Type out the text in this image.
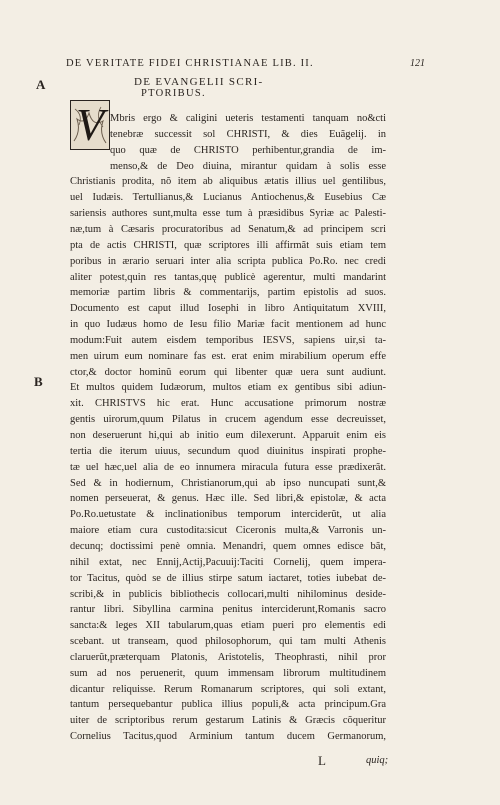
DE VERITATE FIDEI CHRISTIANAE LIB. II.	121
A
B
DE EVANGELII SCRI-
PTORIBUS.
V Mbris ergo & caligini ueteris testamenti tanquam no&cti
tenebræ successit sol CHRISTI, & dies Euãgelij. in
quo quæ de CHRISTO perhibentur,grandia de im-
menso,& de Deo diuina, mirantur quidam à solis esse
Christianis prodita, nõ item ab aliquibus ætatis illius uel gentilibus,
uel Iudæis. Tertullianus,& Lucianus Antiochenus,& Eusebius Cæ
sariensis authores sunt,multa esse tum à præsidibus Syriæ ac Palesti-
næ,tum à Cæsaris procuratoribus ad Senatum,& ad principem scri
pta de actis CHRISTI, quæ scriptores illi affirmãt suis etiam tem
poribus in ærario seruari inter alia scripta publica Po.Ro. nec credi
aliter potest,quin res tantas,quę publicè agerentur, multi mandarint
memoriæ partim libris & commentarijs, partim epistolis ad suos.
Documento est caput illud Iosephi in libro Antiquitatum XVIII,
in quo Iudæus homo de Iesu filio Mariæ facit mentionem ad hunc
modum:Fuit autem eisdem temporibus IESVS, sapiens uir,si ta-
men uirum eum nominare fas est. erat enim mirabilium operum effe
ctor,& doctor hominũ eorum qui libenter quæ uera sunt audiunt.
Et multos quidem Iudæorum, multos etiam ex gentibus sibi adiun-
xit. CHRISTVS hic erat. Hunc accusatione primorum nostræ
gentis uirorum,quum Pilatus in crucem agendum esse decreuisset,
non deseruerunt hi,qui ab initio eum dilexerunt. Apparuit enim eis
tertia die iterum uiuus, secundum quod diuinitus inspirati prophe-
tæ uel hæc,uel alia de eo innumera miracula futura esse prædixerãt.
Sed & in hodiernum, Christianorum,qui ab ipso nuncupati sunt,&
nomen perseuerat, & genus. Hæc ille. Sed libri,& epistolæ, & acta
Po.Ro.uetustate & inclinationibus temporum interciderũt, ut alia
maiore etiam cura custodita:sicut Ciceronis multa,& Varronis un-
decunq; doctissimi penè omnia. Menandri, quem omnes edisce bãt,
nihil extat, nec Ennij,Actij,Pacuuij:Taciti Cornelij, quem impera-
tor Tacitus, quòd se de illius stirpe satum iactaret, toties iubebat de-
scribi,& in publicis bibliothecis collocari,multi nihilominus deside-
rantur libri. Sibyllina carmina penitus interciderunt,Romanis sacro
sancta:& leges XII tabularum,quas etiam pueri pro elementis edi
scebant. ut transeam, quod philosophorum, qui tam multi Athenis
claruerũt,præterquam Platonis, Aristotelis, Theophrasti, nihil pror
sum ad nos peruenerit, quum immensam librorum multitudinem
dicantur reliquisse. Rerum Romanarum scriptores, qui soli extant,
tantum persequebantur publica illius populi,& acta principum.Gra
uiter de scriptoribus rerum gestarum Latinis & Græcis cõqueritur
Cornelius Tacitus,quod Arminium tantum ducem Germanorum,
L	quiq;
